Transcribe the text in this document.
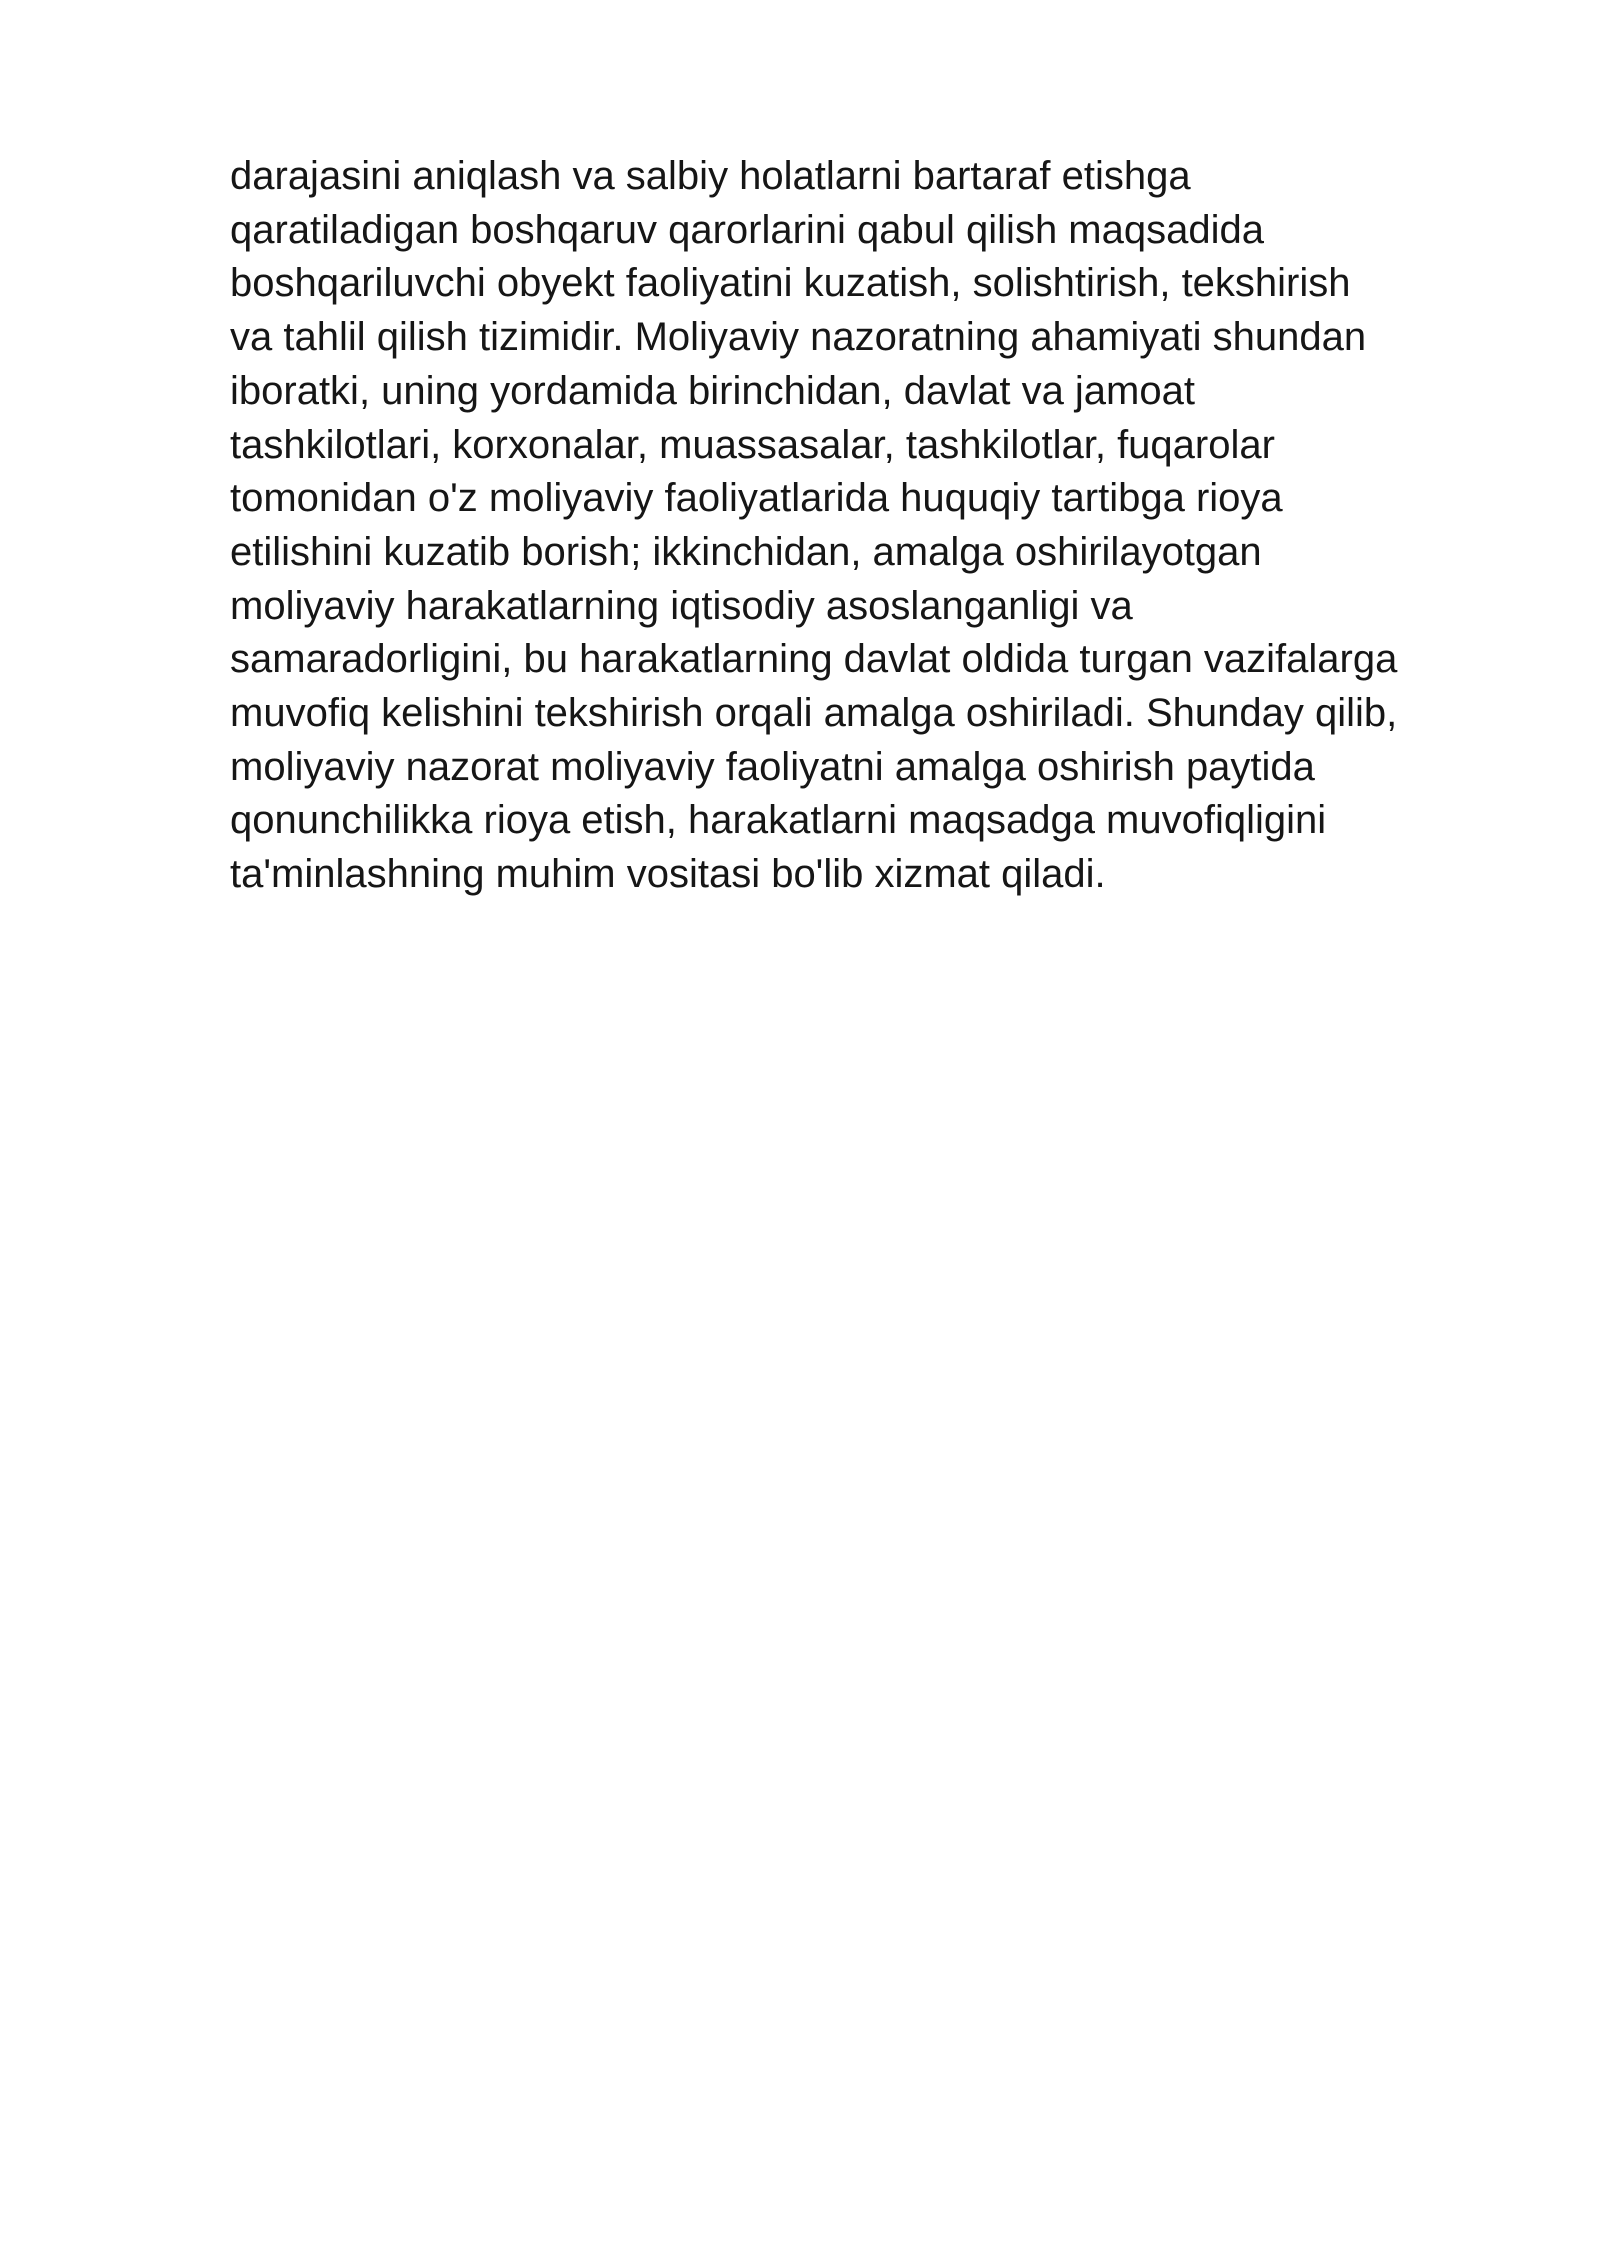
darajasini aniqlash va salbiy holatlarni bartaraf etishga
qaratiladigan boshqaruv qarorlarini qabul qilish maqsadida
boshqariluvchi obyekt faoliyatini kuzatish, solishtirish, tekshirish
va tahlil qilish tizimidir. Moliyaviy nazoratning ahamiyati shundan
iboratki, uning yordamida birinchidan, davlat va jamoat
tashkilotlari, korxonalar, muassasalar, tashkilotlar, fuqarolar
tomonidan o'z moliyaviy faoliyatlarida huquqiy tartibga rioya
etilishini kuzatib borish; ikkinchidan, amalga oshirilayotgan
moliyaviy harakatlarning iqtisodiy asoslanganligi va
samaradorligini, bu harakatlarning davlat oldida turgan vazifalarga
muvofiq kelishini tekshirish orqali amalga oshiriladi. Shunday qilib,
moliyaviy nazorat moliyaviy faoliyatni amalga oshirish paytida
qonunchilikka rioya etish, harakatlarni maqsadga muvofiqligini
ta'minlashning muhim vositasi bo'lib xizmat qiladi.
